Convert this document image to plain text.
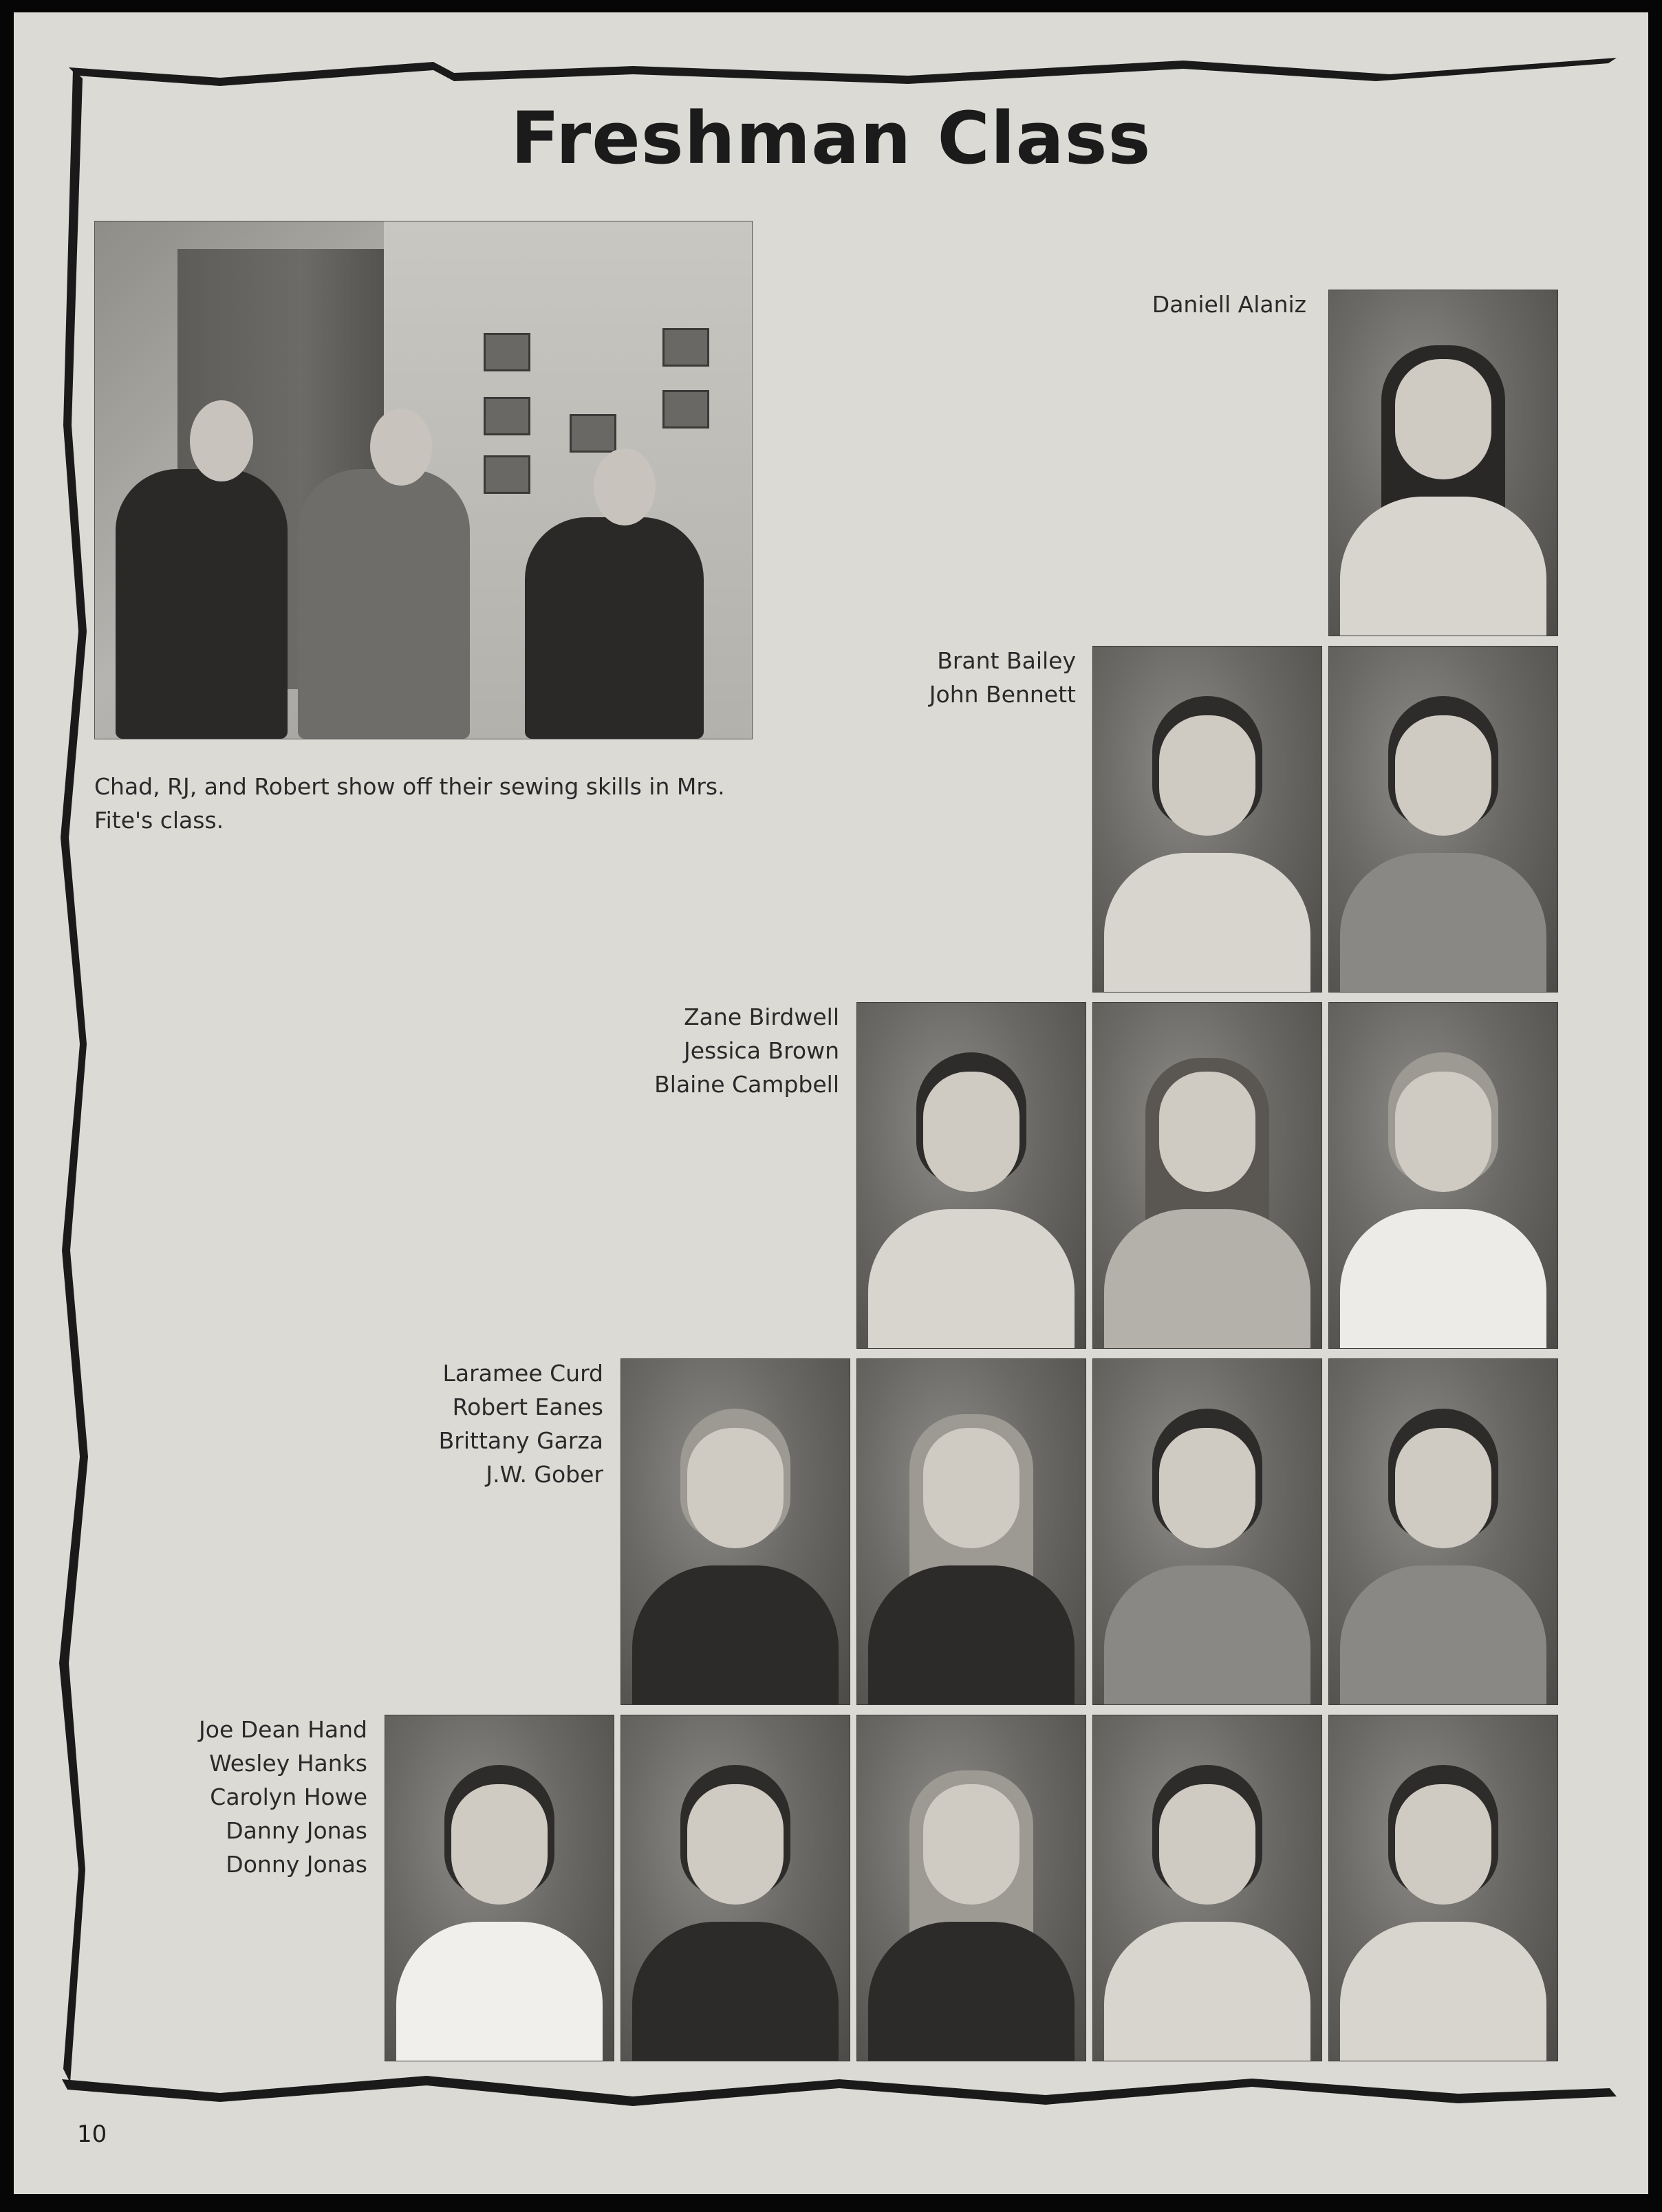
Freshman Class
Chad, RJ, and Robert show off their sewing skills in Mrs. Fite's class.
Daniell Alaniz
Brant Bailey
John Bennett
Zane Birdwell
Jessica Brown
Blaine Campbell
Laramee Curd
Robert Eanes
Brittany Garza
J.W. Gober
Joe Dean Hand
Wesley Hanks
Carolyn Howe
Danny Jonas
Donny Jonas
10
